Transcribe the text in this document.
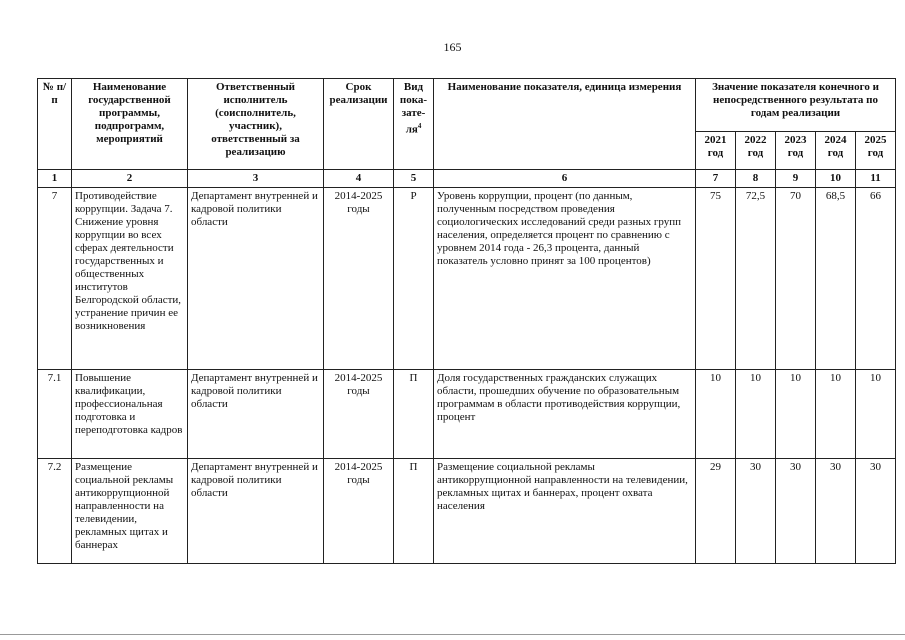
165
№ п/п	Наименование государственной программы, подпрограмм, мероприятий	Ответственный исполнитель (соисполнитель, участник), ответственный за реализацию	Срок реализации	Вид пока-$зате-ля^4$	Наименование показателя, единица измерения	Значение показателя конечного и непосредственного результата по годам реализации				
						2021 год	2022 год	2023 год	2024 год	2025 год
1	2	3	4	5	6	7	8	9	10	11
7	Противодействие коррупции. Задача 7. Снижение уровня коррупции во всех сферах деятельности государственных и общественных институтов Белгородской области, устранение причин ее возникновения	Департамент внутренней и кадровой политики области	2014-2025 годы	Р	Уровень коррупции, процент (по данным, полученным посредством проведения социологических исследований среди разных групп населения, определяется процент по сравнению с уровнем 2014 года - 26,3 процента, данный показатель условно принят за 100 процентов)	75	72,5	70	68,5	66
7.1	Повышение квалификации, профессиональная подготовка и переподготовка кадров	Департамент внутренней и кадровой политики области	2014-2025 годы	П	Доля государственных гражданских служащих области, прошедших обучение по образовательным программам в области противодействия коррупции, процент	10	10	10	10	10
7.2	Размещение социальной рекламы антикоррупционной направленности на телевидении, рекламных щитах и баннерах	Департамент внутренней и кадровой политики области	2014-2025 годы	П	Размещение социальной рекламы антикоррупционной направленности на телевидении, рекламных щитах и баннерах, процент охвата населения	29	30	30	30	30
